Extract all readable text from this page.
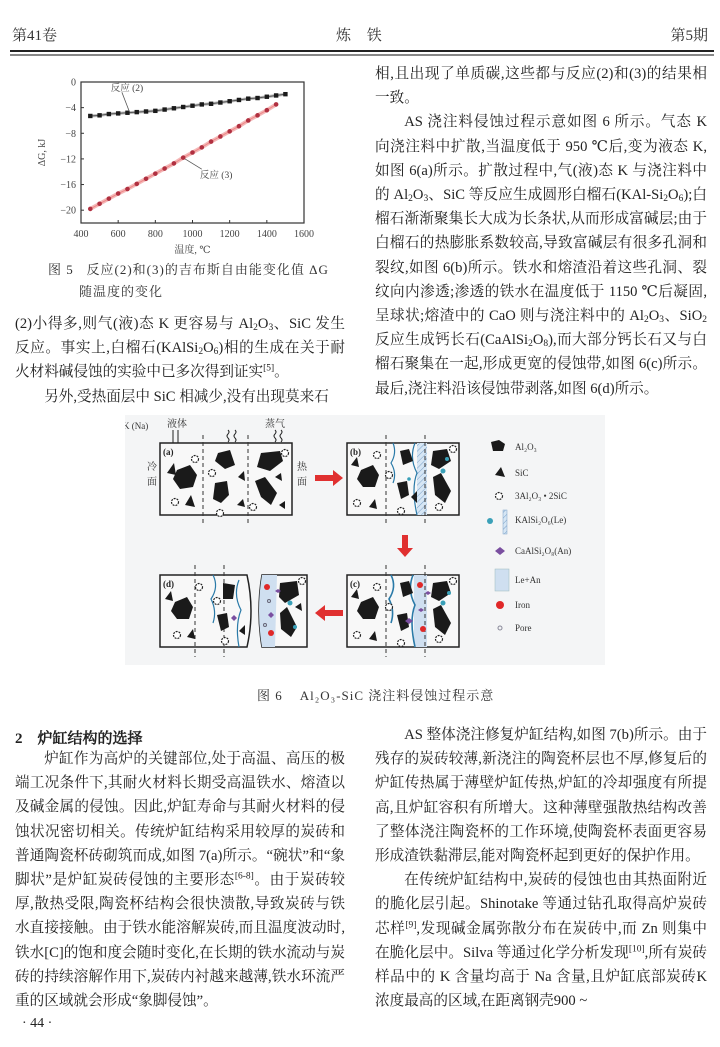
第41卷	炼 铁	第5期
400 600 800 1000 1200 1400 1600
0
−4
−8
−12
−16
−20
温度, ℃
ΔG, kJ
反应 (2)
反应 (3)
图 5 反应(2)和(3)的吉布斯自由能变化值 ΔG
随温度的变化

(2)小得多,则气(液)态 K 更容易与 $Al_2O_3$、SiC 发生反应。事实上,白榴石$(KAlSi_2O_6)$相的生成在关于耐火材料碱侵蚀的实验中已多次得到证实[5]。

另外,受热面层中 SiC 相减少,没有出现莫来石

相,且出现了单质碳,这些都与反应(2)和(3)的结果相一致。

AS 浇注料侵蚀过程示意如图 6 所示。气态 K 向浇注料中扩散,当温度低于 950 ℃后,变为液态 K,如图 6(a)所示。扩散过程中,气(液)态 K 与浇注料中的 $Al_2O_3$、SiC 等反应生成圆形白榴石$(KAl-Si_2O_6)$;白榴石渐渐聚集长大成为长条状,从而形成富碱层;由于白榴石的热膨胀系数较高,导致富碱层有很多孔洞和裂纹,如图 6(b)所示。铁水和熔渣沿着这些孔洞、裂纹向内渗透;渗透的铁水在温度低于 1150 ℃后凝固,呈球状;熔渣中的 CaO 则与浇注料中的 $Al_2O_3$、SiO$_2$反应生成钙长石$(CaAlSi_2O_8)$,而大部分钙长石又与白榴石聚集在一起,形成更宽的侵蚀带,如图 6(c)所示。最后,浇注料沿该侵蚀带剥落,如图 6(d)所示。

K (Na) 液体	蒸气
冷
面
热
面
(a)	(b)
(c)
(d)
Al₂O₃
SiC
3Al₂O₃ • 2SiC
KAlSi₂O₆(Le)
CaAlSi₂O₈(An)
Le+An
Iron
Pore
图 6 Al₂O₃-SiC 浇注料侵蚀过程示意
2 炉缸结构的选择

炉缸作为高炉的关键部位,处于高温、高压的极端工况条件下,其耐火材料长期受高温铁水、熔渣以及碱金属的侵蚀。因此,炉缸寿命与其耐火材料的侵蚀状况密切相关。传统炉缸结构采用较厚的炭砖和普通陶瓷杯砖砌筑而成,如图 7(a)所示。“碗状”和“象脚状”是炉缸炭砖侵蚀的主要形态[6-8]。由于炭砖较厚,散热受限,陶瓷杯结构会很快溃散,导致炭砖与铁水直接接触。由于铁水能溶解炭砖,而且温度波动时,铁水[C]的饱和度会随时变化,在长期的铁水流动与炭砖的持续溶解作用下,炭砖内衬越来越薄,铁水环流严重的区域就会形成“象脚侵蚀”。

AS 整体浇注修复炉缸结构,如图 7(b)所示。由于残存的炭砖较薄,新浇注的陶瓷杯层也不厚,修复后的炉缸传热属于薄壁炉缸传热,炉缸的冷却强度有所提高,且炉缸容积有所增大。这种薄壁强散热结构改善了整体浇注陶瓷杯的工作环境,使陶瓷杯表面更容易形成渣铁黏滞层,能对陶瓷杯起到更好的保护作用。

在传统炉缸结构中,炭砖的侵蚀也由其热面附近的脆化层引起。Shinotake 等通过钻孔取得高炉炭砖芯样[9],发现碱金属弥散分布在炭砖中,而 Zn 则集中在脆化层中。Silva 等通过化学分析发现[10],所有炭砖样品中的 K 含量均高于 Na 含量,且炉缸底部炭砖K浓度最高的区域,在距离钢壳900 ~

· 44 ·
